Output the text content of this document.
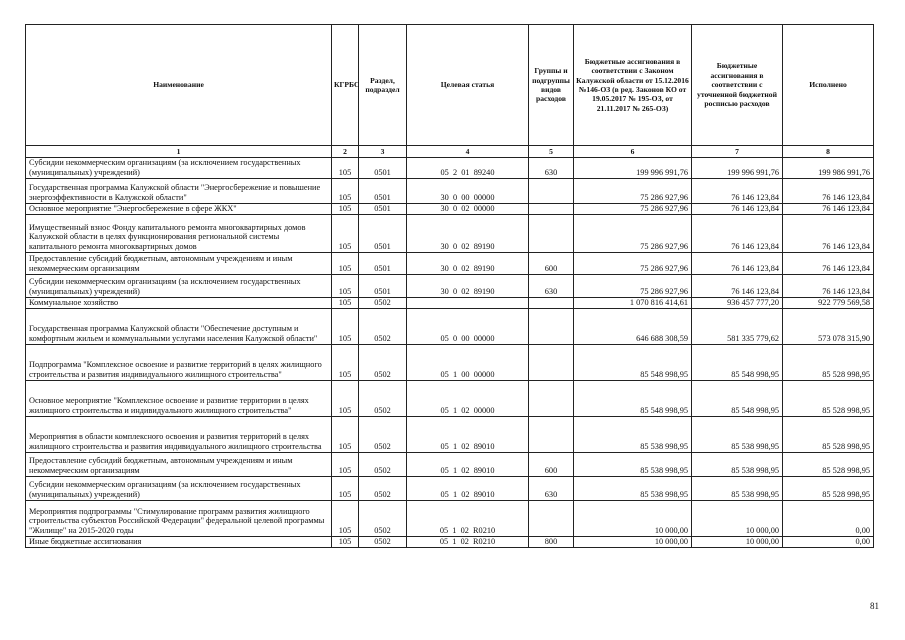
Наименование	КГРБС	Раздел, подраздел	Целевая статья	Группы и подгруппы видов расходов	Бюджетные ассигнования в соответствии с Законом Калужской области от 15.12.2016 №146-ОЗ (в ред. Законов КО от 19.05.2017 № 195-ОЗ, от 21.11.2017 № 265-ОЗ)	Бюджетные ассигнования в соответствии с уточненной бюджетной росписью расходов	Исполнено
1	2	3	4	5	6	7	8
Субсидии некоммерческим организациям (за исключением государственных (муниципальных) учреждений)	105	0501	05  2  01  89240	630	199 996 991,76	199 996 991,76	199 986 991,76
Государственная программа Калужской области "Энергосбережение и повышение энергоэффективности в Калужской области"	105	0501	30  0  00  00000		75 286 927,96	76 146 123,84	76 146 123,84
Основное мероприятие "Энергосбережение в сфере ЖКХ"	105	0501	30  0  02  00000		75 286 927,96	76 146 123,84	76 146 123,84
Имущественный взнос Фонду капитального ремонта многоквартирных домов Калужской области в целях функционирования региональной системы капитального ремонта многоквартирных домов	105	0501	30  0  02  89190		75 286 927,96	76 146 123,84	76 146 123,84
Предоставление субсидий бюджетным, автономным учреждениям и иным некоммерческим организациям	105	0501	30  0  02  89190	600	75 286 927,96	76 146 123,84	76 146 123,84
Субсидии некоммерческим организациям (за исключением государственных (муниципальных) учреждений)	105	0501	30  0  02  89190	630	75 286 927,96	76 146 123,84	76 146 123,84
Коммунальное хозяйство	105	0502			1 070 816 414,61	936 457 777,20	922 779 569,58
Государственная программа Калужской области "Обеспечение доступным и комфортным жильем и коммунальными услугами населения Калужской области"	105	0502	05  0  00  00000		646 688 308,59	581 335 779,62	573 078 315,90
Подпрограмма "Комплексное освоение и развитие территорий в целях жилищного строительства и развития индивидуального жилищного строительства"	105	0502	05  1  00  00000		85 548 998,95	85 548 998,95	85 528 998,95
Основное мероприятие "Комплексное освоение и развитие территории в целях жилищного строительства и индивидуального жилищного строительства"	105	0502	05  1  02  00000		85 548 998,95	85 548 998,95	85 528 998,95
Мероприятия в области комплексного освоения и развития территорий в целях жилищного строительства и развития индивидуального жилищного строительства	105	0502	05  1  02  89010		85 538 998,95	85 538 998,95	85 528 998,95
Предоставление субсидий бюджетным, автономным учреждениям и иным некоммерческим организациям	105	0502	05  1  02  89010	600	85 538 998,95	85 538 998,95	85 528 998,95
Субсидии некоммерческим организациям (за исключением государственных (муниципальных) учреждений)	105	0502	05  1  02  89010	630	85 538 998,95	85 538 998,95	85 528 998,95
Мероприятия подпрограммы "Стимулирование программ развития жилищного строительства субъектов Российской Федерации" федеральной целевой программы "Жилище" на 2015-2020 годы	105	0502	05  1  02  R0210		10 000,00	10 000,00	0,00
Иные бюджетные ассигнования	105	0502	05  1  02  R0210	800	10 000,00	10 000,00	0,00
81
